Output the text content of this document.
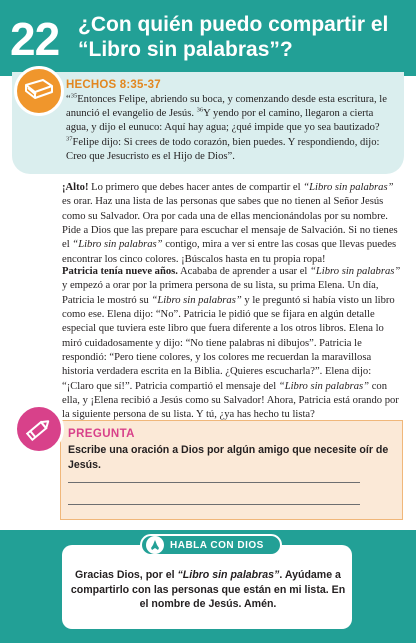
22 ¿Con quién puedo compartir el “Libro sin palabras”?
HECHOS 8:35-37
“$^{35}$Entonces Felipe, abriendo su boca, y comenzando desde esta escritura, le anunció el evangelio de Jesús. $^{36}$Y yendo por el camino, llegaron a cierta agua, y dijo el eunuco: Aquí hay agua; ¿qué impide que yo sea bautizado? $^{37}$Felipe dijo: Si crees de todo corazón, bien puedes. Y respondiendo, dijo: Creo que Jesucristo es el Hijo de Dios”.
¡Alto! Lo primero que debes hacer antes de compartir el “Libro sin palabras” es orar. Haz una lista de las personas que sabes que no tienen al Señor Jesús como su Salvador. Ora por cada una de ellas mencionándolas por su nombre. Pide a Dios que las prepare para escuchar el mensaje de Salvación. Si no tienes el “Libro sin palabras” contigo, mira a ver si entre las cosas que llevas puedes encontrar los cinco colores. ¡Búscalos hasta en tu propia ropa!
Patricia tenía nueve años. Acababa de aprender a usar el “Libro sin palabras” y empezó a orar por la primera persona de su lista, su prima Elena. Un día, Patricia le mostró su “Libro sin palabras” y le preguntó si había visto un libro como ese. Elena dijo: “No”. Patricia le pidió que se fijara en algún detalle especial que tuviera este libro que fuera diferente a los otros libros. Elena lo miró cuidadosamente y dijo: “No tiene palabras ni dibujos”. Patricia le respondió: “Pero tiene colores, y los colores me recuerdan la maravillosa historia verdadera escrita en la Biblia. ¿Quieres escucharla?”. Elena dijo: “¡Claro que sí!”. Patricia compartió el mensaje del “Libro sin palabras” con ella, y ¡Elena recibió a Jesús como su Salvador! Ahora, Patricia está orando por la siguiente persona de su lista. Y tú, ¿ya has hecho tu lista?
PREGUNTA
Escribe una oración a Dios por algún amigo que necesite oír de Jesús.
HABLA CON DIOS
Gracias Dios, por el “Libro sin palabras”. Ayúdame a compartirlo con las personas que están en mi lista. En el nombre de Jesús. Amén.
